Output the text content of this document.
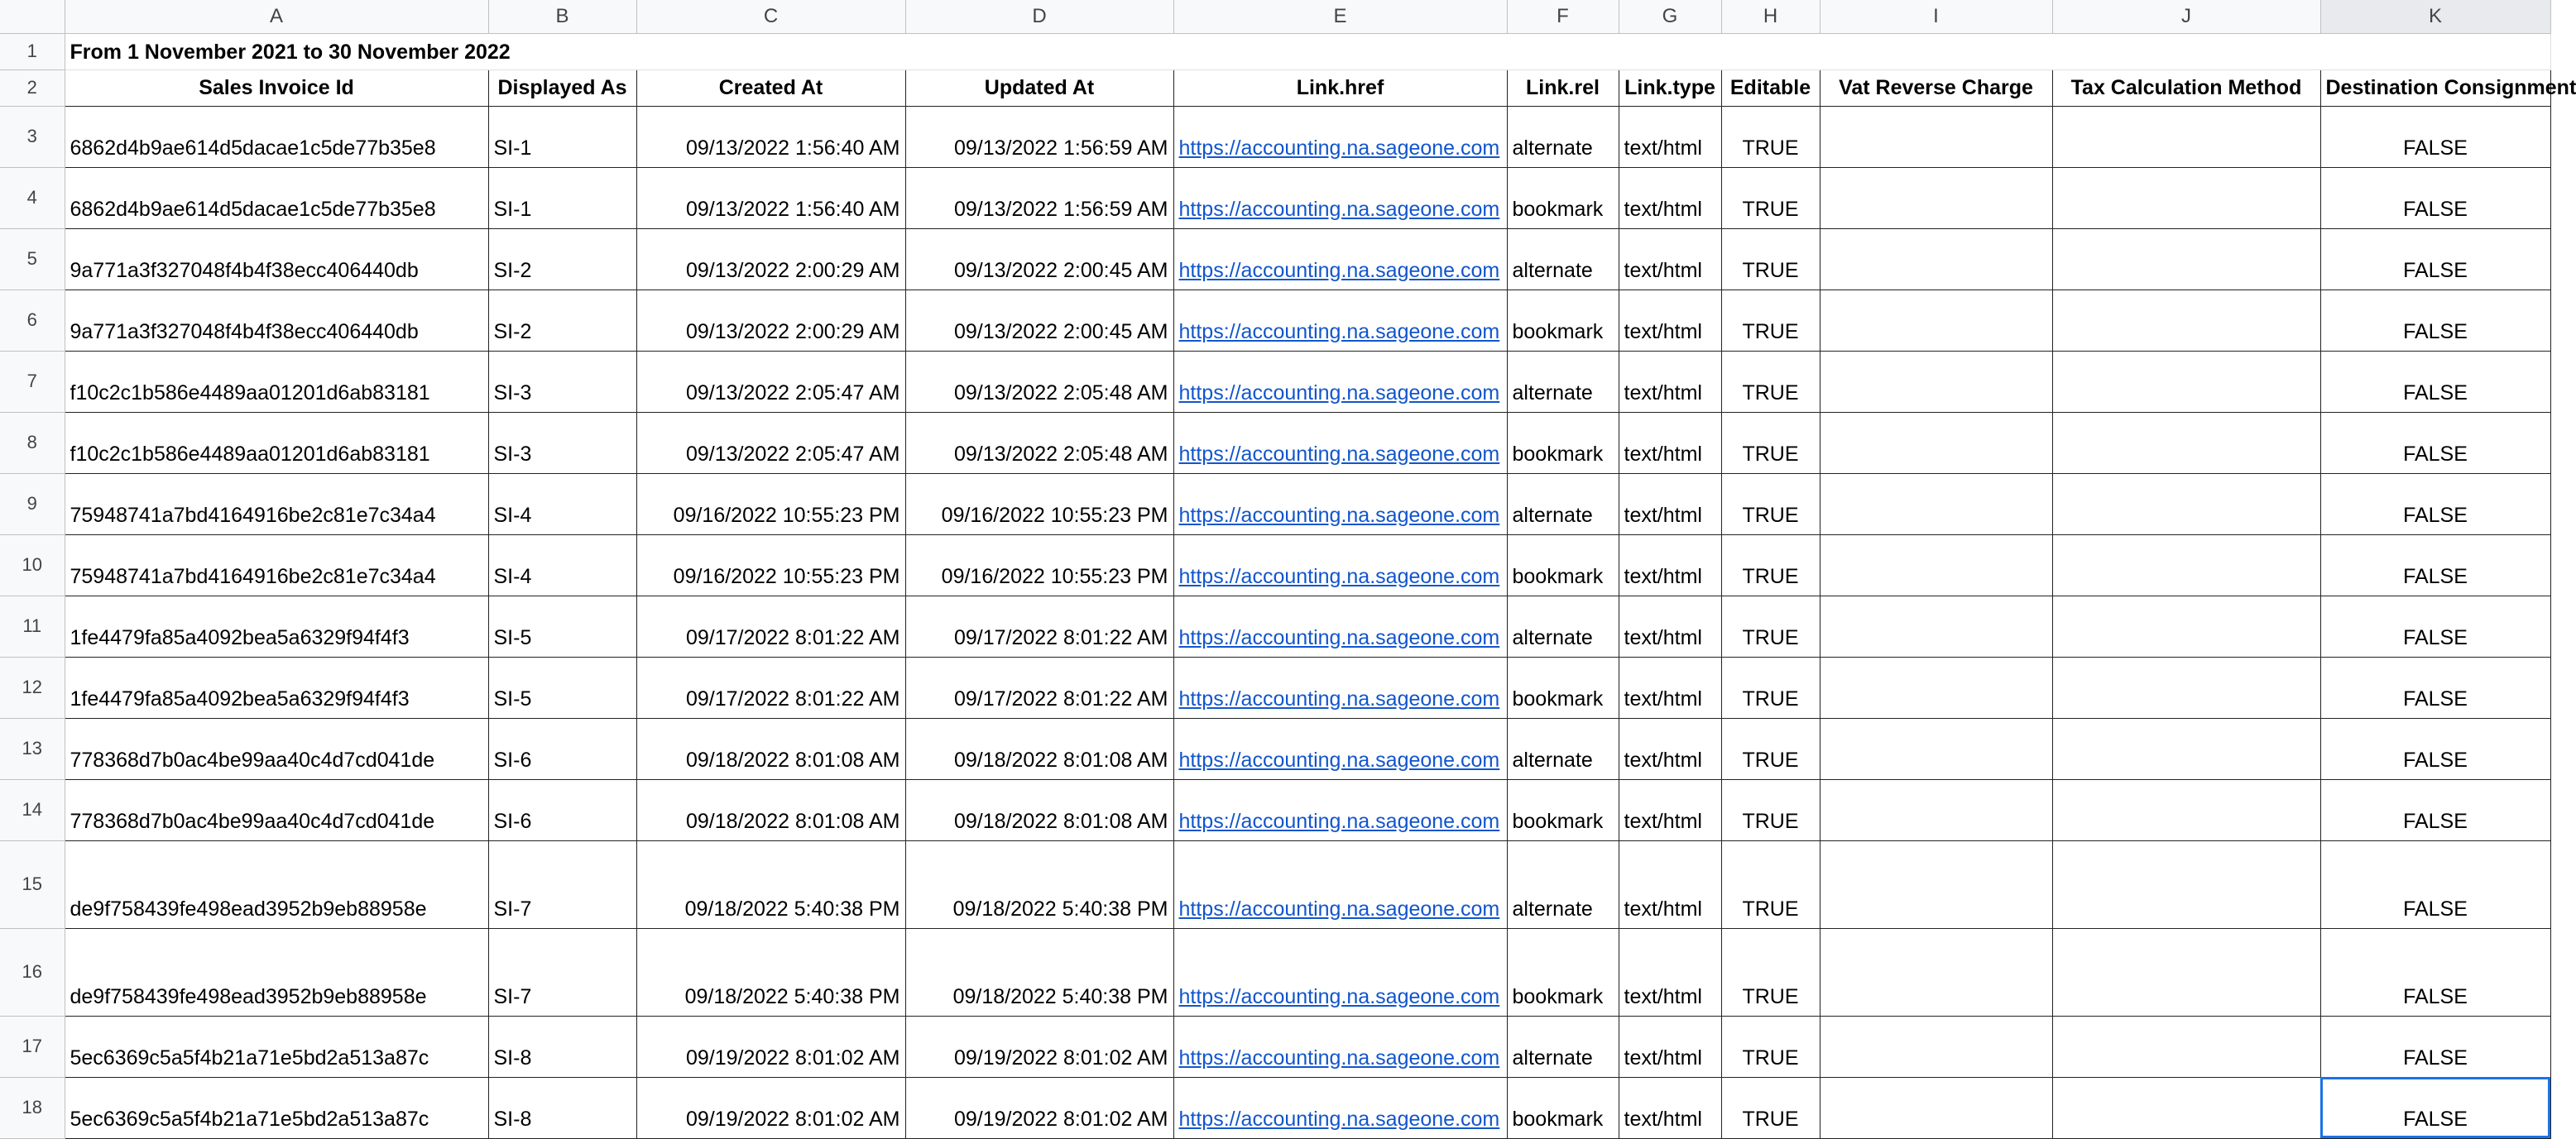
	A	B	C	D	E	F	G	H	I	J	K
1	From 1 November 2021 to 30 November 2022										
2	Sales Invoice Id	Displayed As	Created At	Updated At	Link.href	Link.rel	Link.type	Editable	Vat Reverse Charge	Tax Calculation Method	Destination Consignment
3	6862d4b9ae614d5dacae1c5de77b35e8	SI-1	09/13/2022 1:56:40 AM	09/13/2022 1:56:59 AM	https://accounting.na.sageone.com	alternate	text/html	TRUE			FALSE
4	6862d4b9ae614d5dacae1c5de77b35e8	SI-1	09/13/2022 1:56:40 AM	09/13/2022 1:56:59 AM	https://accounting.na.sageone.com	bookmark	text/html	TRUE			FALSE
5	9a771a3f327048f4b4f38ecc406440db	SI-2	09/13/2022 2:00:29 AM	09/13/2022 2:00:45 AM	https://accounting.na.sageone.com	alternate	text/html	TRUE			FALSE
6	9a771a3f327048f4b4f38ecc406440db	SI-2	09/13/2022 2:00:29 AM	09/13/2022 2:00:45 AM	https://accounting.na.sageone.com	bookmark	text/html	TRUE			FALSE
7	f10c2c1b586e4489aa01201d6ab83181	SI-3	09/13/2022 2:05:47 AM	09/13/2022 2:05:48 AM	https://accounting.na.sageone.com	alternate	text/html	TRUE			FALSE
8	f10c2c1b586e4489aa01201d6ab83181	SI-3	09/13/2022 2:05:47 AM	09/13/2022 2:05:48 AM	https://accounting.na.sageone.com	bookmark	text/html	TRUE			FALSE
9	75948741a7bd4164916be2c81e7c34a4	SI-4	09/16/2022 10:55:23 PM	09/16/2022 10:55:23 PM	https://accounting.na.sageone.com	alternate	text/html	TRUE			FALSE
10	75948741a7bd4164916be2c81e7c34a4	SI-4	09/16/2022 10:55:23 PM	09/16/2022 10:55:23 PM	https://accounting.na.sageone.com	bookmark	text/html	TRUE			FALSE
11	1fe4479fa85a4092bea5a6329f94f4f3	SI-5	09/17/2022 8:01:22 AM	09/17/2022 8:01:22 AM	https://accounting.na.sageone.com	alternate	text/html	TRUE			FALSE
12	1fe4479fa85a4092bea5a6329f94f4f3	SI-5	09/17/2022 8:01:22 AM	09/17/2022 8:01:22 AM	https://accounting.na.sageone.com	bookmark	text/html	TRUE			FALSE
13	778368d7b0ac4be99aa40c4d7cd041de	SI-6	09/18/2022 8:01:08 AM	09/18/2022 8:01:08 AM	https://accounting.na.sageone.com	alternate	text/html	TRUE			FALSE
14	778368d7b0ac4be99aa40c4d7cd041de	SI-6	09/18/2022 8:01:08 AM	09/18/2022 8:01:08 AM	https://accounting.na.sageone.com	bookmark	text/html	TRUE			FALSE
15	de9f758439fe498ead3952b9eb88958e	SI-7	09/18/2022 5:40:38 PM	09/18/2022 5:40:38 PM	https://accounting.na.sageone.com	alternate	text/html	TRUE			FALSE
16	de9f758439fe498ead3952b9eb88958e	SI-7	09/18/2022 5:40:38 PM	09/18/2022 5:40:38 PM	https://accounting.na.sageone.com	bookmark	text/html	TRUE			FALSE
17	5ec6369c5a5f4b21a71e5bd2a513a87c	SI-8	09/19/2022 8:01:02 AM	09/19/2022 8:01:02 AM	https://accounting.na.sageone.com	alternate	text/html	TRUE			FALSE
18	5ec6369c5a5f4b21a71e5bd2a513a87c	SI-8	09/19/2022 8:01:02 AM	09/19/2022 8:01:02 AM	https://accounting.na.sageone.com	bookmark	text/html	TRUE			FALSE
